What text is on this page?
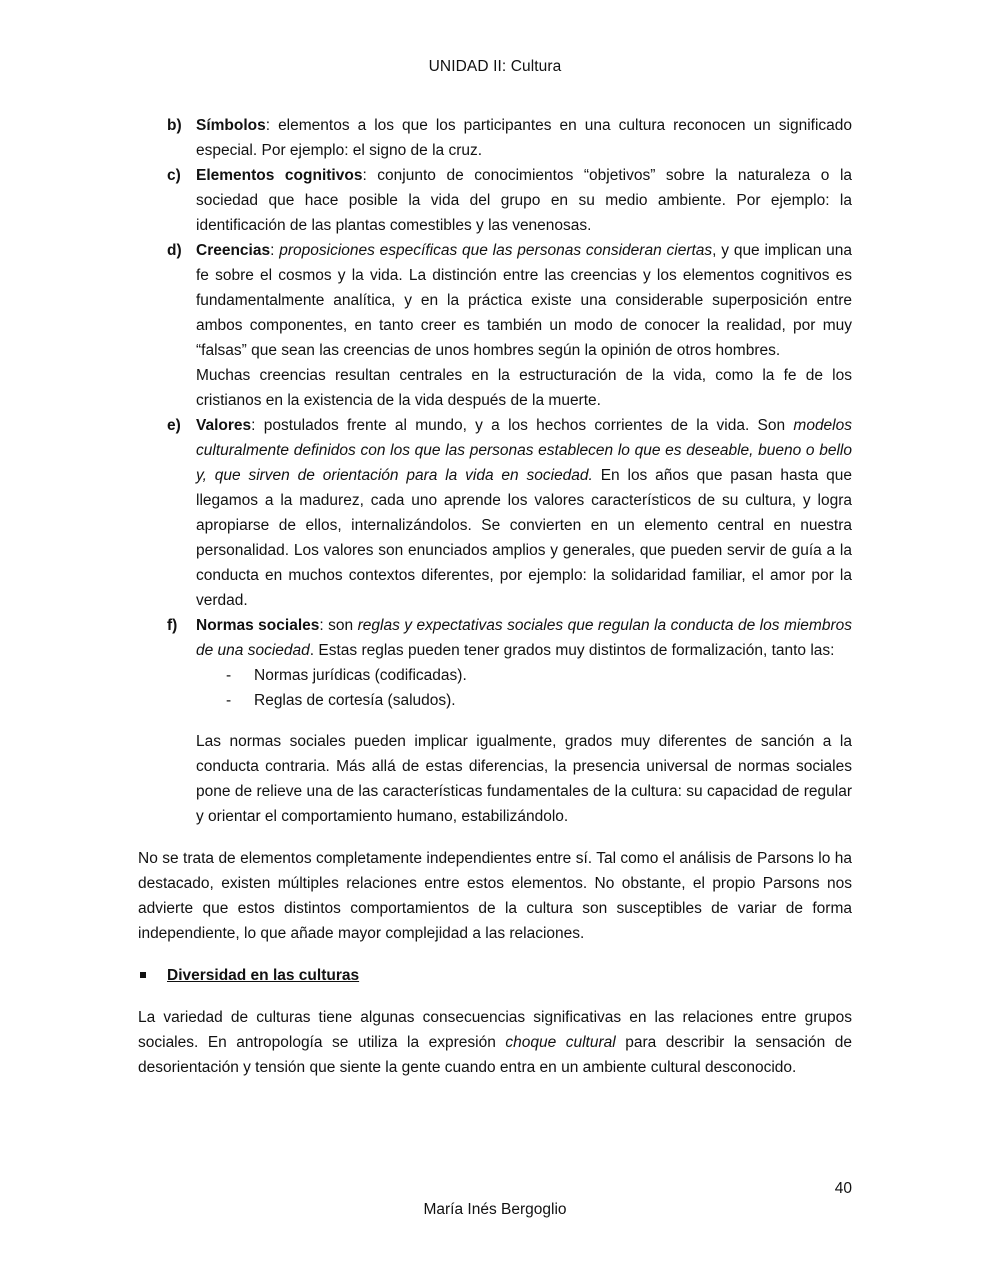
UNIDAD II: Cultura
b) Símbolos: elementos a los que los participantes en una cultura reconocen un significado especial. Por ejemplo: el signo de la cruz.
c) Elementos cognitivos: conjunto de conocimientos “objetivos” sobre la naturaleza o la sociedad que hace posible la vida del grupo en su medio ambiente. Por ejemplo: la identificación de las plantas comestibles y las venenosas.
d) Creencias: proposiciones específicas que las personas consideran ciertas, y que implican una fe sobre el cosmos y la vida. La distinción entre las creencias y los elementos cognitivos es fundamentalmente analítica, y en la práctica existe una considerable superposición entre ambos componentes, en tanto creer es también un modo de conocer la realidad, por muy “falsas” que sean las creencias de unos hombres según la opinión de otros hombres.
Muchas creencias resultan centrales en la estructuración de la vida, como la fe de los cristianos en la existencia de la vida después de la muerte.
e) Valores: postulados frente al mundo, y a los hechos corrientes de la vida. Son modelos culturalmente definidos con los que las personas establecen lo que es deseable, bueno o bello y, que sirven de orientación para la vida en sociedad. En los años que pasan hasta que llegamos a la madurez, cada uno aprende los valores característicos de su cultura, y logra apropiarse de ellos, internalizándolos. Se convierten en un elemento central en nuestra personalidad. Los valores son enunciados amplios y generales, que pueden servir de guía a la conducta en muchos contextos diferentes, por ejemplo: la solidaridad familiar, el amor por la verdad.
f) Normas sociales: son reglas y expectativas sociales que regulan la conducta de los miembros de una sociedad. Estas reglas pueden tener grados muy distintos de formalización, tanto las:
- Normas jurídicas (codificadas).
- Reglas de cortesía (saludos).
Las normas sociales pueden implicar igualmente, grados muy diferentes de sanción a la conducta contraria. Más allá de estas diferencias, la presencia universal de normas sociales pone de relieve una de las características fundamentales de la cultura: su capacidad de regular y orientar el comportamiento humano, estabilizándolo.
No se trata de elementos completamente independientes entre sí. Tal como el análisis de Parsons lo ha destacado, existen múltiples relaciones entre estos elementos. No obstante, el propio Parsons nos advierte que estos distintos comportamientos de la cultura son susceptibles de variar de forma independiente, lo que añade mayor complejidad a las relaciones.
Diversidad en las culturas
La variedad de culturas tiene algunas consecuencias significativas en las relaciones entre grupos sociales. En antropología se utiliza la expresión choque cultural para describir la sensación de desorientación y tensión que siente la gente cuando entra en un ambiente cultural desconocido.
40
María Inés Bergoglio
